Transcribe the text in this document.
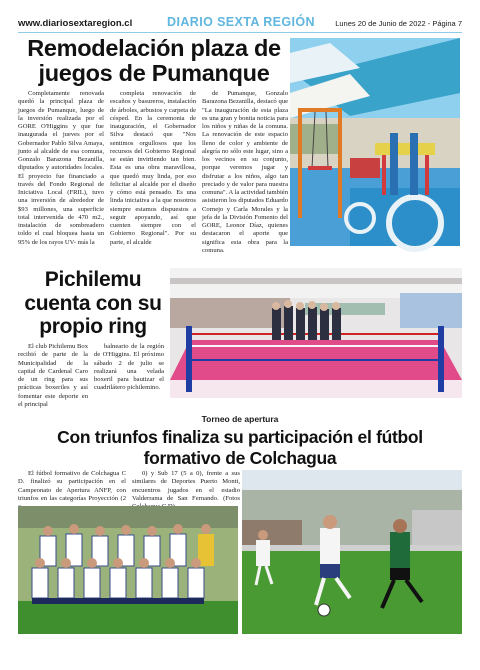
www.diariosextaregion.cl	DIARIO SEXTA REGIÓN	Lunes 20 de Junio de 2022 - Página 7
Remodelación plaza de juegos de Pumanque

Completamente renovada quedó la principal plaza de juegos de Pumanque, luego de la inversión realizada por el GORE O'Higgins y que fue inaugurada el jueves por el Gobernador Pablo Silva Amaya, junto al alcalde de esa comuna, Gonzalo Barazona Bezanilla, diputados y autoridades locales. El proyecto fue financiado a través del Fondo Regional de Iniciativa Local (FRIL), tuvo una inversión de alrededor de $93 millones, una superficie total intervenida de 470 m2., instalación de sombreadero toldo el cual bloquea hasta un 95% de los rayos UV- más la

completa renovación de escaños y basureros, instalación de árboles, arbustos y carpeta de césped. En la ceremonia de inauguración, el Gobernador Silva destacó que "Nos sentimos orgullosos que los recursos del Gobierno Regional se están invirtiendo tan bien. Esta es una obra maravillosa, que quedó muy linda, por eso felicitar al alcalde por el diseño y cómo está pensado. Es una linda iniciativa a la que nosotros siempre estamos dispuestos a seguir apoyando, así que cuenten siempre con el Gobierno Regional". Por su parte, el alcalde

de Pumanque, Gonzalo Barazona Bezanilla, destacó que "La inauguración de esta plaza es una gran y bonita noticia para los niños y niñas de la comuna. La renovación de este espacio lleno de color y ambiente de alegría no sólo este lugar, sino a los vecinos en su conjunto, porque veremos jugar y disfrutar a los niños, algo tan preciado y de valor para nuestra comuna". A la actividad también asistieron los diputados Eduardo Cornejo y Carla Morales y la jefa de la División Fomento del GORE, Leonor Díaz, quienes destacaron el aporte que significa esta obra para la comuna.

Pichilemu cuenta con su propio ring

El club Pichilemu Box recibió de parte de la Municipalidad de la capital de Cardenal Caro de un ring para sus prácticas boxeriles y así fomentar este deporte en el principal

balneario de la región de O'Higgins. El próximo sábado 2 de julio se realizará una velada boxeril para bautizar el cuadrilátero pichilemino.

Torneo de apertura
Con triunfos finaliza su participación el fútbol formativo de Colchagua

El fútbol formativo de Colchagua C D. finalizó su participación en el Campeonato de Apertura ANFP, con triunfos en las categorías Proyección (2

0) y Sub 17 (5 a 0), frente a sus similares de Deportes Puerto Montt, encuentros jugados en el estadio Valderrama de San Fernando. (Fotos
